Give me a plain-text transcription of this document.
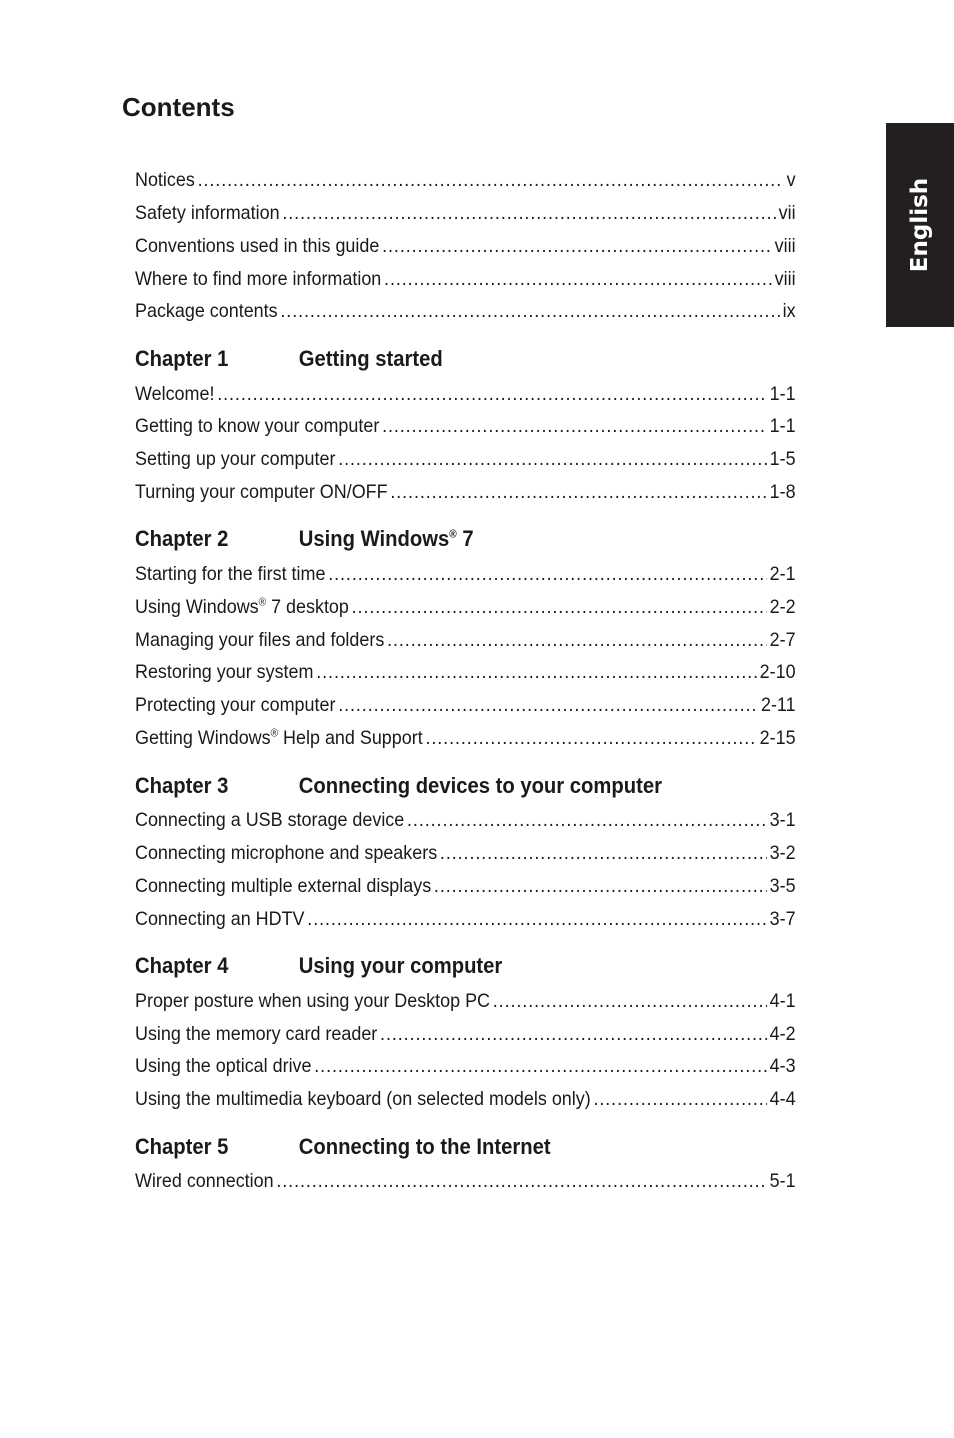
Contents
English
Notices .....	v
Safety information .....	vii
Conventions used in this guide .....	viii
Where to find more information .....	viii
Package contents .....	ix
Chapter 1	Getting started
Welcome! .....	1-1
Getting to know your computer .....	1-1
Setting up your computer .....	1-5
Turning your computer ON/OFF .....	1-8
Chapter 2	Using Windows® 7
Starting for the first time .....	2-1
Using Windows® 7 desktop .....	2-2
Managing your files and folders .....	2-7
Restoring your system .....	2-10
Protecting your computer .....	2-11
Getting Windows® Help and Support .....	2-15
Chapter 3	Connecting devices to your computer
Connecting a USB storage device .....	3-1
Connecting microphone and speakers .....	3-2
Connecting multiple external displays .....	3-5
Connecting an HDTV .....	3-7
Chapter 4	Using your computer
Proper posture when using your Desktop PC .....	4-1
Using the memory card reader .....	4-2
Using the optical drive .....	4-3
Using the multimedia keyboard (on selected models only) .....	4-4
Chapter 5	Connecting to the Internet
Wired connection .....	5-1
